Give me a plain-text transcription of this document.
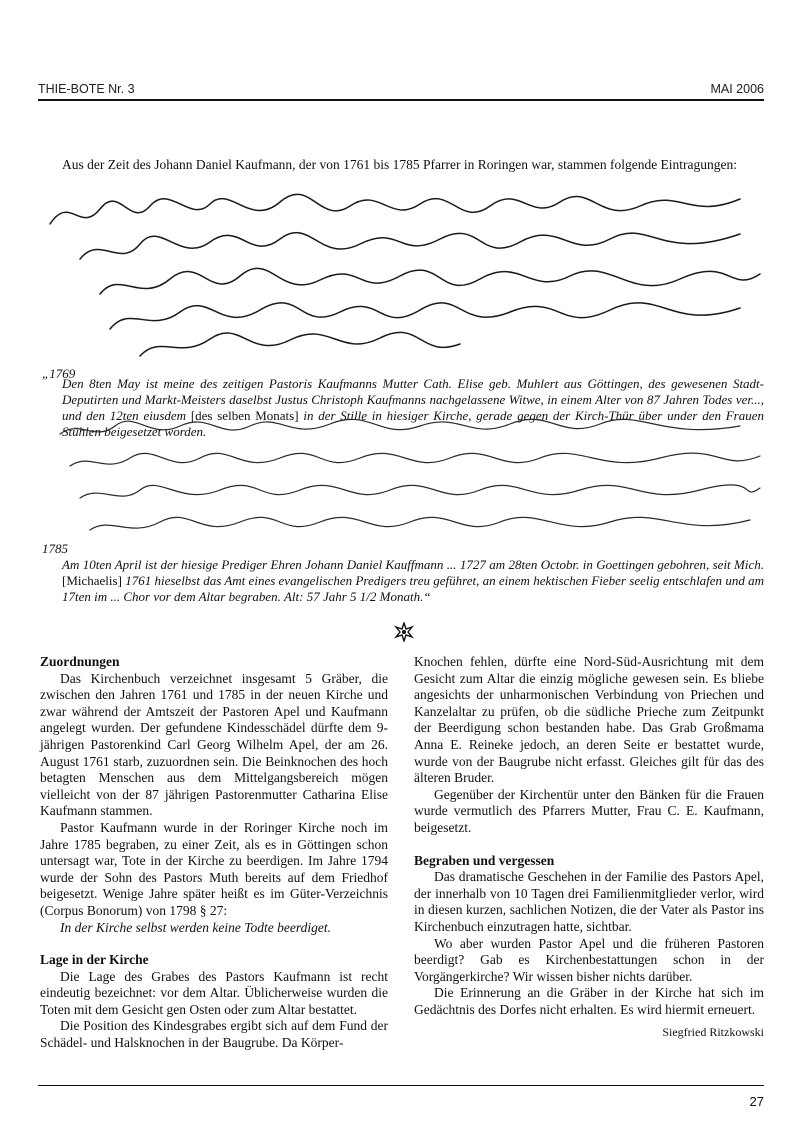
THIE-BOTE Nr. 3	MAI 2006
Aus der Zeit des Johann Daniel Kaufmann, der von 1761 bis 1785 Pfarrer in Roringen war, stammen folgende Eintragungen:
„1769
Den 8ten May ist meine des zeitigen Pastoris Kaufmanns Mutter Cath. Elise geb. Muhlert aus Göttingen, des gewesenen Stadt-Deputirten und Markt-Meisters daselbst Justus Christoph Kaufmanns nachgelassene Witwe, in einem Alter von 87 Jahren Todes ver..., und den 12ten eiusdem [des selben Monats] in der Stille in hiesiger Kirche, gerade gegen der Kirch-Thür über under den Frauen Stühlen beigesetzet worden.
1785
Am 10ten April ist der hiesige Prediger Ehren Johann Daniel Kauffmann ... 1727 am 28ten Octobr. in Goettingen gebohren, seit Mich. [Michaelis] 1761 hieselbst das Amt eines evangelischen Predigers treu geführet, an einem hektischen Fieber seelig entschlafen und am 17ten im ... Chor vor dem Altar begraben. Alt: 57 Jahr 5 1/2 Monath.“
Zuordnungen

Das Kirchenbuch verzeichnet insgesamt 5 Gräber, die zwischen den Jahren 1761 und 1785 in der neuen Kirche und zwar während der Amtszeit der Pastoren Apel und Kaufmann angelegt wurden. Der gefundene Kindesschädel dürfte dem 9-jährigen Pastorenkind Carl Georg Wilhelm Apel, der am 26. August 1761 starb, zuzuordnen sein. Die Beinknochen des hoch betagten Menschen aus dem Mittelgangsbereich mögen vielleicht von der 87 jährigen Pastorenmutter Catharina Elise Kaufmann stammen.

Pastor Kaufmann wurde in der Roringer Kirche noch im Jahre 1785 begraben, zu einer Zeit, als es in Göttingen schon untersagt war, Tote in der Kirche zu beerdigen. Im Jahre 1794 wurde der Sohn des Pastors Muth bereits auf dem Friedhof beigesetzt. Wenige Jahre später heißt es im Güter-Verzeichnis (Corpus Bonorum) von 1798 § 27:

In der Kirche selbst werden keine Todte beerdiget.

Lage in der Kirche

Die Lage des Grabes des Pastors Kaufmann ist recht eindeutig bezeichnet: vor dem Altar. Üblicherweise wurden die Toten mit dem Gesicht gen Osten oder zum Altar bestattet.

Die Position des Kindesgrabes ergibt sich auf dem Fund der Schädel- und Halsknochen in der Baugrube. Da Körper-

Knochen fehlen, dürfte eine Nord-Süd-Ausrichtung mit dem Gesicht zum Altar die einzig mögliche gewesen sein. Es bliebe angesichts der unharmonischen Verbindung von Priechen und Kanzelaltar zu prüfen, ob die südliche Prieche zum Zeitpunkt der Beerdigung schon bestanden habe. Das Grab Großmama Anna E. Reineke jedoch, an deren Seite er bestattet wurde, wurde von der Baugrube nicht erfasst. Gleiches gilt für das des älteren Bruder.

Gegenüber der Kirchentür unter den Bänken für die Frauen wurde vermutlich des Pfarrers Mutter, Frau C. E. Kaufmann, beigesetzt.

Begraben und vergessen

Das dramatische Geschehen in der Familie des Pastors Apel, der innerhalb von 10 Tagen drei Familienmitglieder verlor, wird in diesen kurzen, sachlichen Notizen, die der Vater als Pastor ins Kirchenbuch einzutragen hatte, sichtbar.

Wo aber wurden Pastor Apel und die früheren Pastoren beerdigt? Gab es Kirchenbestattungen schon in der Vorgängerkirche? Wir wissen bisher nichts darüber.

Die Erinnerung an die Gräber in der Kirche hat sich im Gedächtnis des Dorfes nicht erhalten. Es wird hiermit erneuert.

Siegfried Ritzkowski
27
